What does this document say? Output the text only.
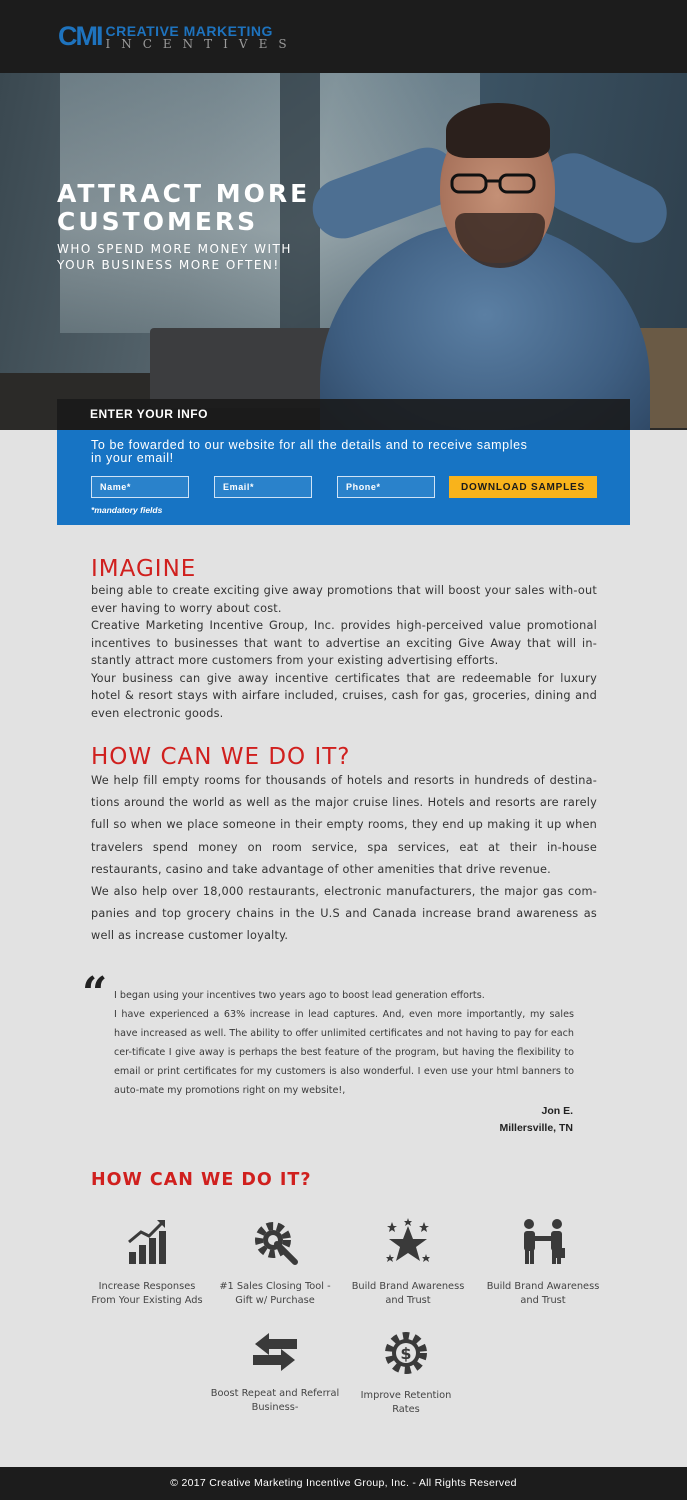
CMI CREATIVE MARKETING
INCENTIVES
ATTRACT MORE
CUSTOMERS
WHO SPEND MORE MONEY WITH
YOUR BUSINESS MORE OFTEN!
ENTER YOUR INFO
To be fowarded to our website for all the details and to receive samples
in your email!
Name*
Email*
Phone*
DOWNLOAD SAMPLES
*mandatory fields
IMAGINE

being able to create exciting give away promotions that will boost your sales with-out ever having to worry about cost.

Creative Marketing Incentive Group, Inc. provides high-perceived value promotional incentives to businesses that want to advertise an exciting Give Away that will in-stantly attract more customers from your existing advertising efforts.

Your business can give away incentive certificates that are redeemable for luxury hotel & resort stays with airfare included, cruises, cash for gas, groceries, dining and even electronic goods.

HOW CAN WE DO IT?

We help fill empty rooms for thousands of hotels and resorts in hundreds of destina-tions around the world as well as the major cruise lines. Hotels and resorts are rarely full so when we place someone in their empty rooms, they end up making it up when travelers spend money on room service, spa services, eat at their in-house restaurants, casino and take advantage of other amenities that drive revenue.

We also help over 18,000 restaurants, electronic manufacturers, the major gas com-panies and top grocery chains in the U.S and Canada increase brand awareness as well as increase customer loyalty.

“ I began using your incentives two years ago to boost lead generation efforts.
I have experienced a 63% increase in lead captures. And, even more importantly, my sales have increased as well. The ability to offer unlimited certificates and not having to pay for each cer-tificate I give away is perhaps the best feature of the program, but having the flexibility to email or print certificates for my customers is also wonderful. I even use your html banners to auto-mate my promotions right on my website!,
Jon E.
Millersville, TN
HOW CAN WE DO IT?
Increase Responses
From Your Existing Ads
#1 Sales Closing Tool -
Gift w/ Purchase
Build Brand Awareness
and Trust
Build Brand Awareness
and Trust
Boost Repeat and Referral
Business-
$
Improve Retention
Rates
© 2017 Creative Marketing Incentive Group, Inc. - All Rights Reserved
